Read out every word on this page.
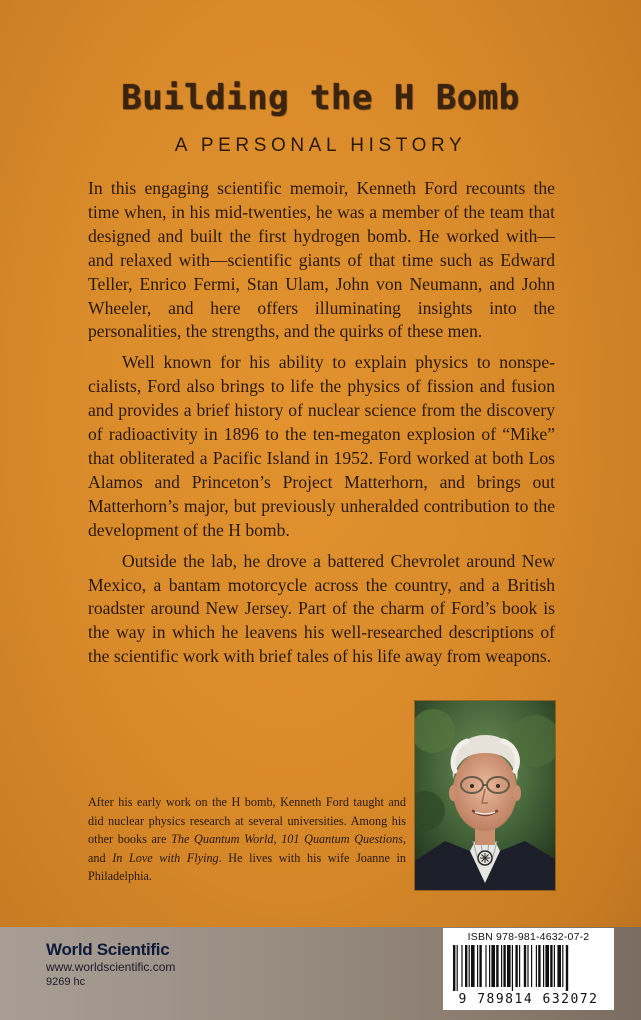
Building the H Bomb
A PERSONAL HISTORY

In this engaging scientific memoir, Kenneth Ford recounts the time when, in his mid-twenties, he was a member of the team that designed and built the first hydrogen bomb. He worked with—and relaxed with—scientific giants of that time such as Edward Teller, Enrico Fermi, Stan Ulam, John von Neumann, and John Wheeler, and here offers illuminating insights into the personalities, the strengths, and the quirks of these men.

Well known for his ability to explain physics to nonspecialists, Ford also brings to life the physics of fission and fusion and provides a brief history of nuclear science from the discovery of radioactivity in 1896 to the ten-megaton explosion of “Mike” that obliterated a Pacific Island in 1952. Ford worked at both Los Alamos and Princeton’s Project Matterhorn, and brings out Matterhorn’s major, but previously unheralded contribution to the development of the H bomb.

Outside the lab, he drove a battered Chevrolet around New Mexico, a bantam motorcycle across the country, and a British roadster around New Jersey. Part of the charm of Ford’s book is the way in which he leavens his well-researched descriptions of the scientific work with brief tales of his life away from weapons.

After his early work on the H bomb, Kenneth Ford taught and did nuclear physics research at several universities. Among his other books are The Quantum World, 101 Quantum Questions, and In Love with Flying. He lives with his wife Joanne in Philadelphia.

World Scientific
www.worldscientific.com
9269 hc
ISBN 978-981-4632-07-2
9 789814 632072
